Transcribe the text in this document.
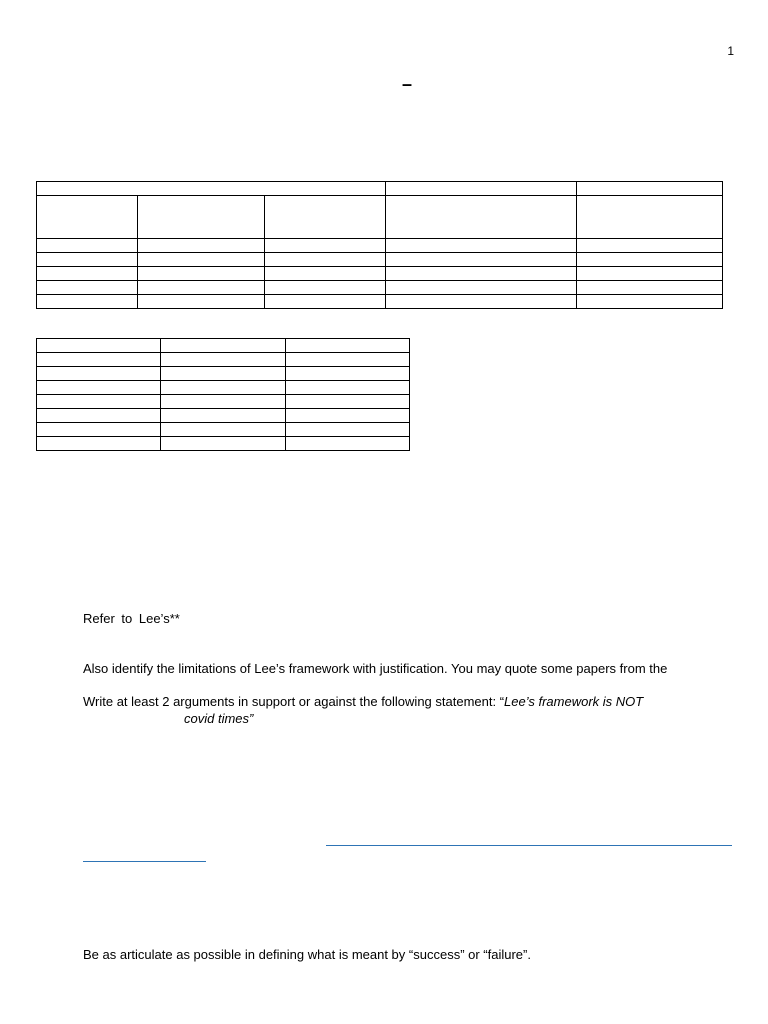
1
–

Refer to Lee’s**
Also identify the limitations of Lee’s framework with justification. You may quote some papers from the
Write at least 2 arguments in support or against the following statement: “Lee’s framework is NOT
covid times”
Be as articulate as possible in defining what is meant by “success” or “failure”.
